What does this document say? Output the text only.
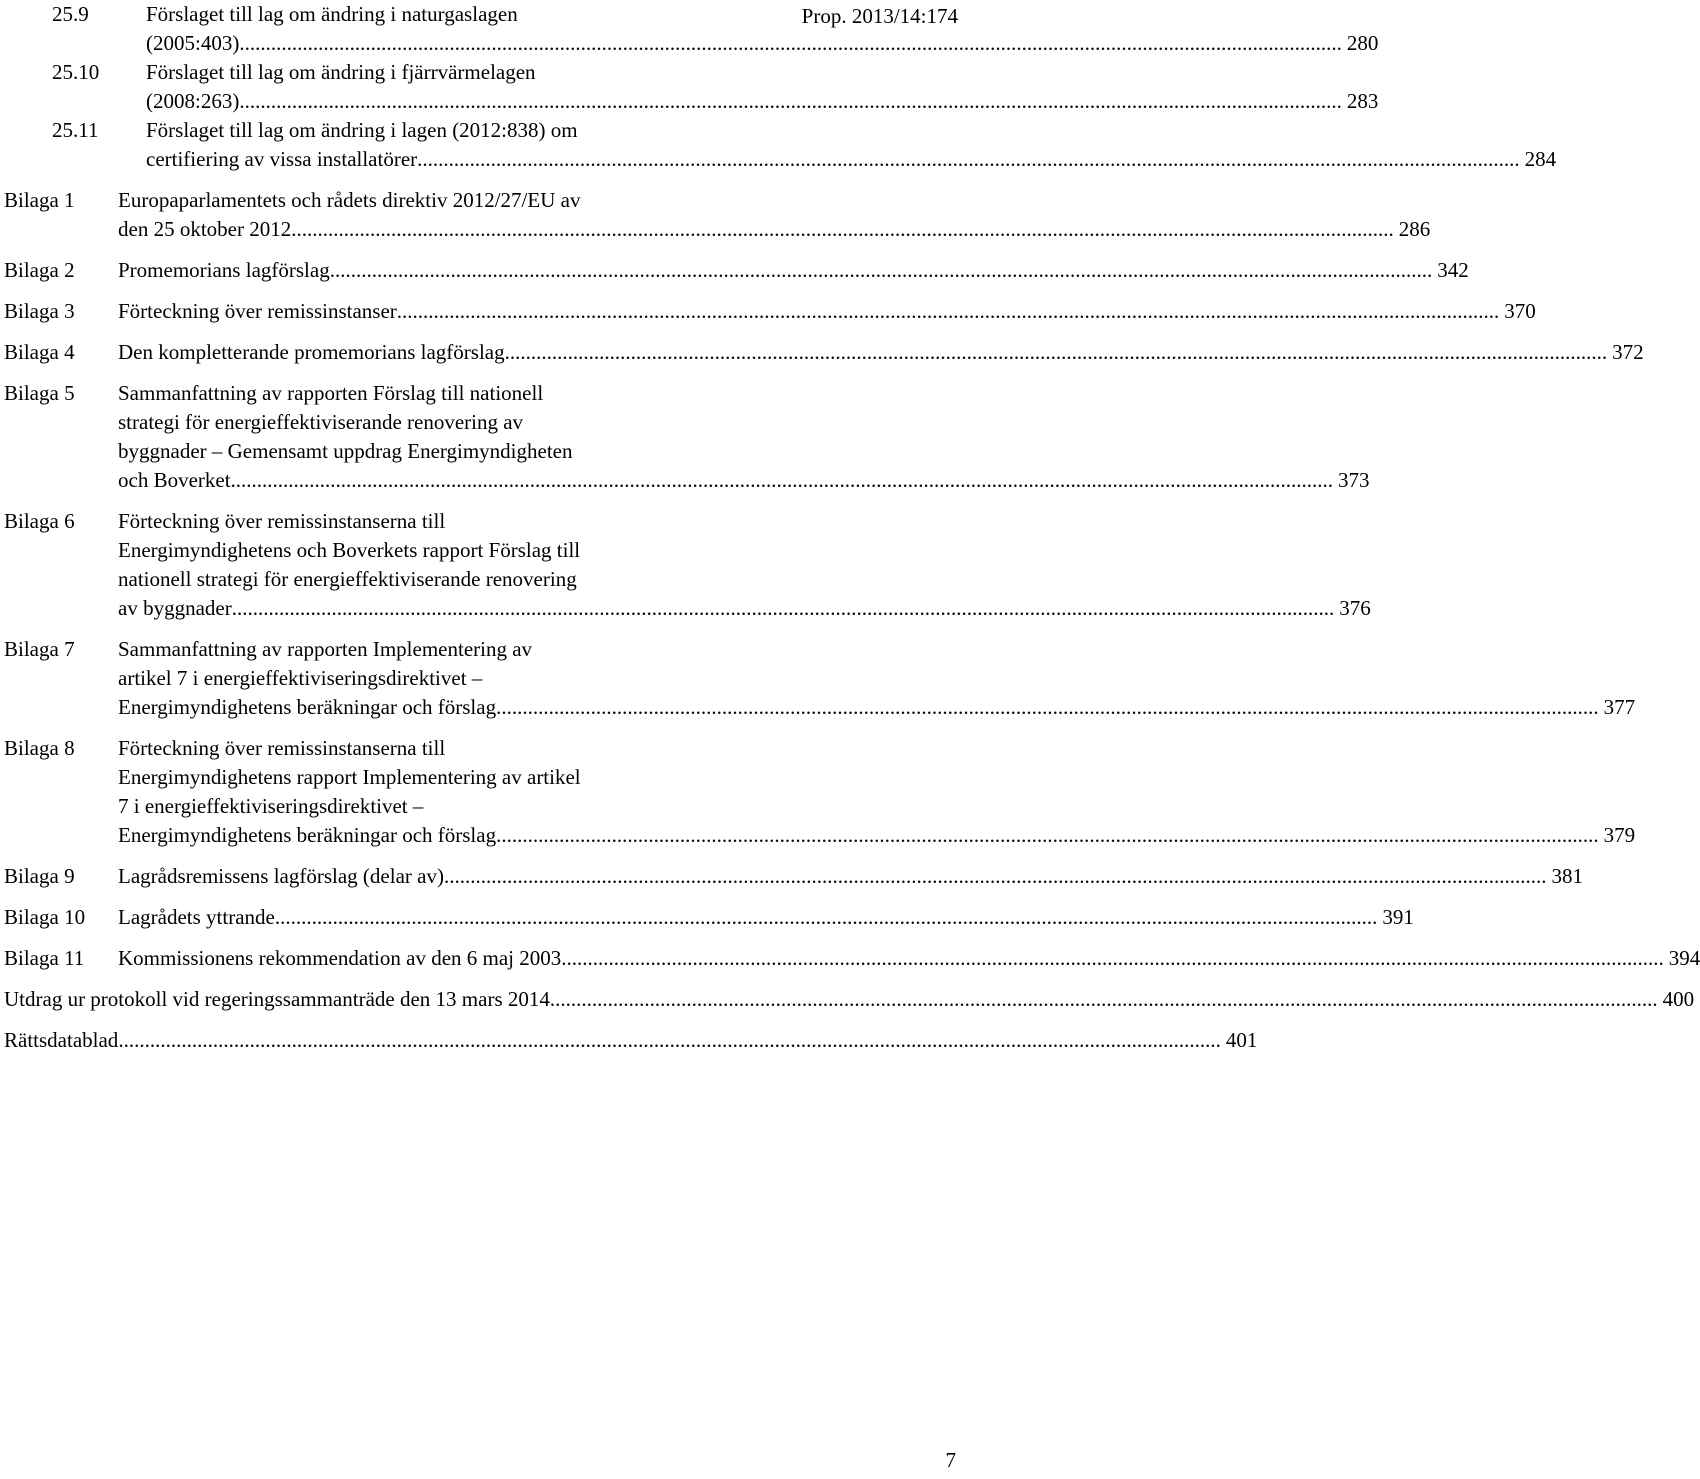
Prop. 2013/14:174
25.9	Förslaget till lag om ändring i naturgaslagen
(2005:403) .................................................................................................................................................................................................................. 280
25.10 Förslaget till lag om ändring i fjärrvärmelagen
(2008:263) .................................................................................................................................................................................................................. 283
25.11 Förslaget till lag om ändring i lagen (2012:838) om
certifiering av vissa installatörer .................................................................................................................................................................................................................. 284
Bilaga 1 Europaparlamentets och rådets direktiv 2012/27/EU av
den 25 oktober 2012 .................................................................................................................................................................................................................. 286
Bilaga 2 Promemorians lagförslag .................................................................................................................................................................................................................. 342
Bilaga 3 Förteckning över remissinstanser .................................................................................................................................................................................................................. 370
Bilaga 4 Den kompletterande promemorians lagförslag .................................................................................................................................................................................................................. 372
Bilaga 5 Sammanfattning av rapporten Förslag till nationell
strategi för energieffektiviserande renovering av
byggnader – Gemensamt uppdrag Energimyndigheten
och Boverket .................................................................................................................................................................................................................. 373
Bilaga 6 Förteckning över remissinstanserna till
Energimyndighetens och Boverkets rapport Förslag till
nationell strategi för energieffektiviserande renovering
av byggnader .................................................................................................................................................................................................................. 376
Bilaga 7 Sammanfattning av rapporten Implementering av
artikel 7 i energieffektiviseringsdirektivet –
Energimyndighetens beräkningar och förslag .................................................................................................................................................................................................................. 377
Bilaga 8 Förteckning över remissinstanserna till
Energimyndighetens rapport Implementering av artikel
7 i energieffektiviseringsdirektivet –
Energimyndighetens beräkningar och förslag .................................................................................................................................................................................................................. 379
Bilaga 9 Lagrådsremissens lagförslag (delar av) .................................................................................................................................................................................................................. 381
Bilaga 10 Lagrådets yttrande .................................................................................................................................................................................................................. 391
Bilaga 11 Kommissionens rekommendation av den 6 maj 2003 .................................................................................................................................................................................................................. 394
Utdrag ur protokoll vid regeringssammanträde den 13 mars 2014. .................................................................................................................................................................................................................. 400
Rättsdatablad .................................................................................................................................................................................................................. 401
7
